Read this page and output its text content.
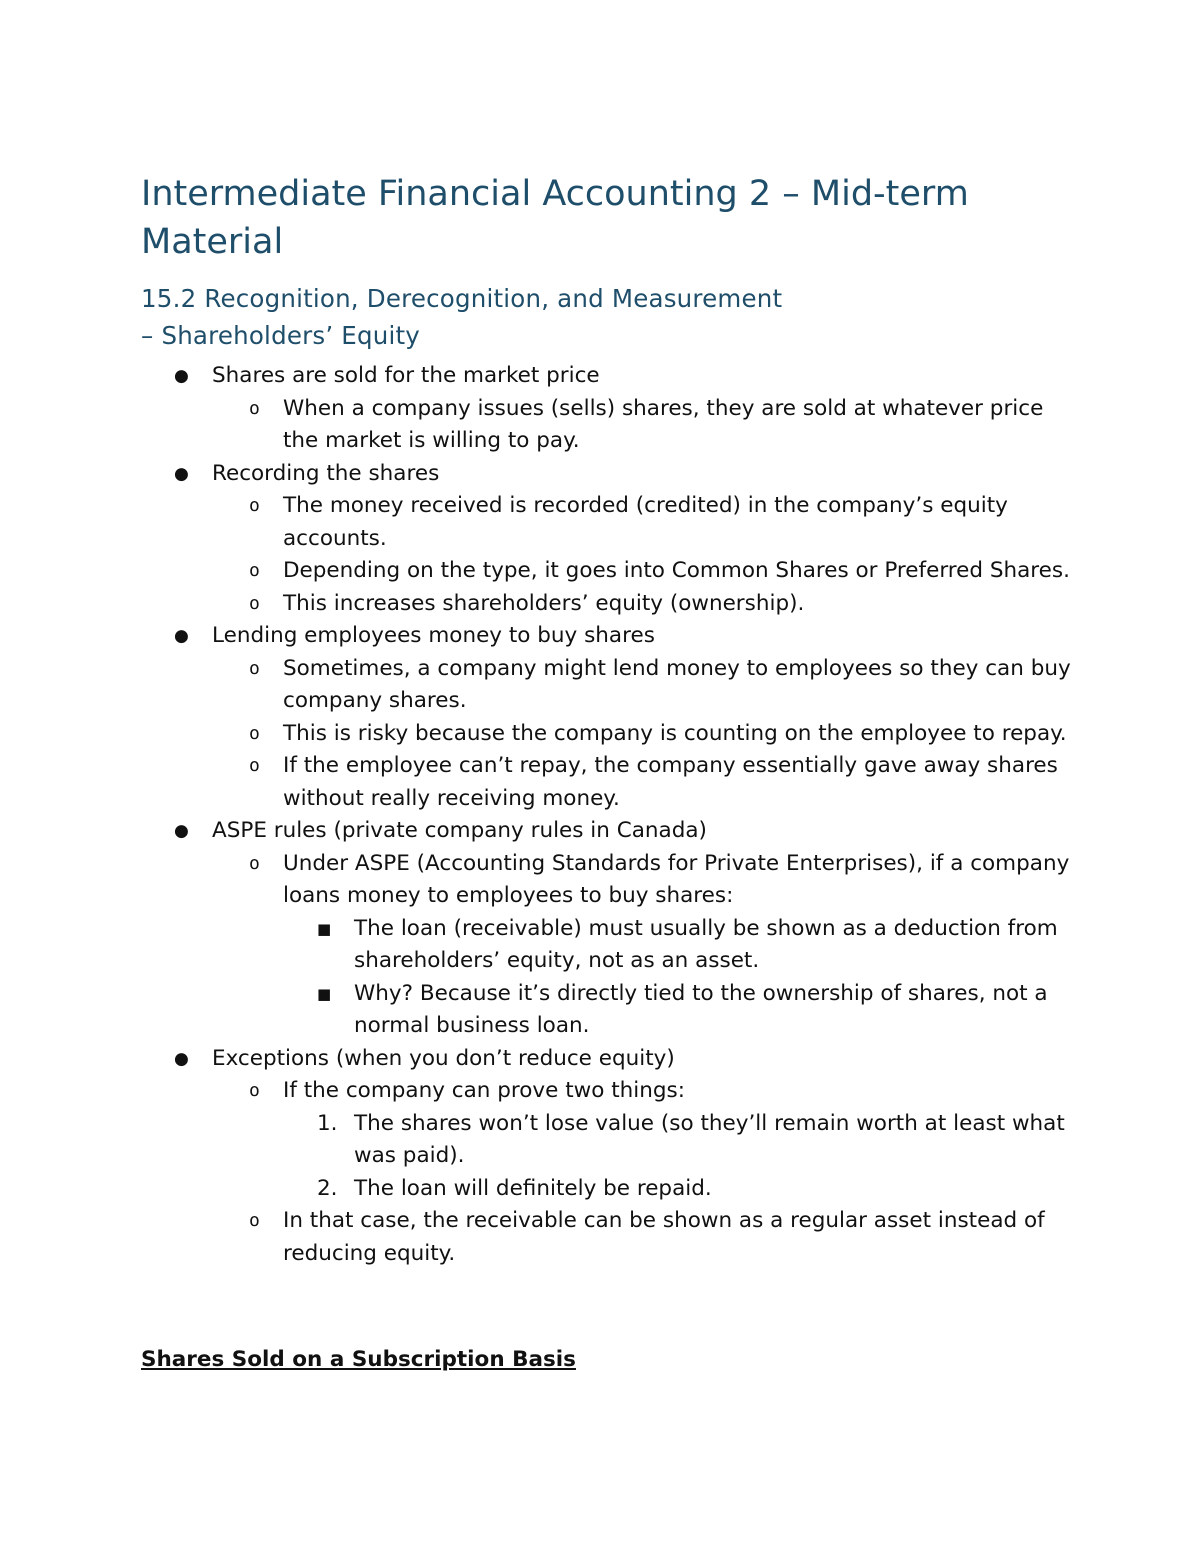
Intermediate Financial Accounting 2 – Mid-term Material
15.2 Recognition, Derecognition, and Measurement
– Shareholders’ Equity
● Shares are sold for the market price
o When a company issues (sells) shares, they are sold at whatever price the market is willing to pay.
● Recording the shares
o The money received is recorded (credited) in the company’s equity accounts.
o Depending on the type, it goes into Common Shares or Preferred Shares.
o This increases shareholders’ equity (ownership).
● Lending employees money to buy shares
o Sometimes, a company might lend money to employees so they can buy company shares.
o This is risky because the company is counting on the employee to repay.
o If the employee can’t repay, the company essentially gave away shares without really receiving money.
● ASPE rules (private company rules in Canada)
o Under ASPE (Accounting Standards for Private Enterprises), if a company loans money to employees to buy shares:
■ The loan (receivable) must usually be shown as a deduction from shareholders’ equity, not as an asset.
■ Why? Because it’s directly tied to the ownership of shares, not a normal business loan.
● Exceptions (when you don’t reduce equity)
o If the company can prove two things:
1. The shares won’t lose value (so they’ll remain worth at least what was paid).
2. The loan will definitely be repaid.
o In that case, the receivable can be shown as a regular asset instead of reducing equity.
Shares Sold on a Subscription Basis
